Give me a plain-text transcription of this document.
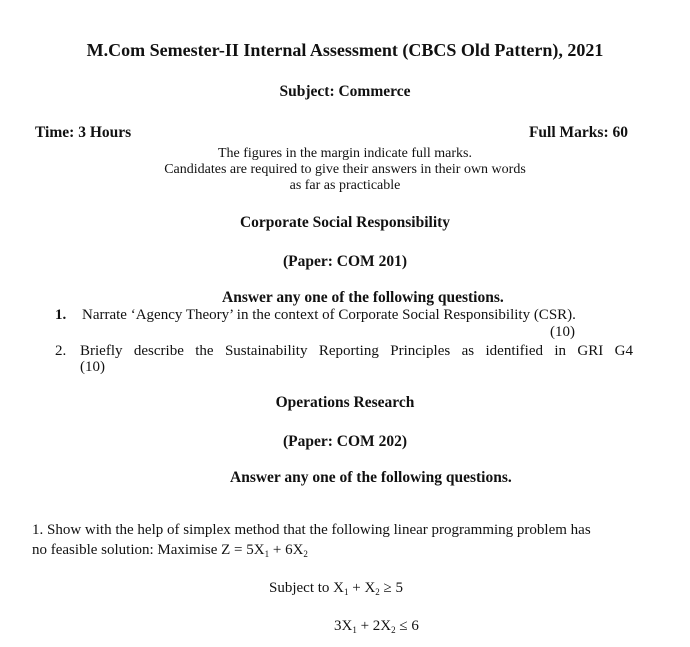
M.Com Semester-II Internal Assessment (CBCS Old Pattern), 2021
Subject: Commerce
Time: 3 Hours	Full Marks: 60
The figures in the margin indicate full marks.
Candidates are required to give their answers in their own words
as far as practicable
Corporate Social Responsibility
(Paper: COM 201)
Answer any one of the following questions.
1. Narrate ‘Agency Theory’ in the context of Corporate Social Responsibility (CSR).
(10)
2. Briefly describe the Sustainability Reporting Principles as identified in GRI G4
(10)
Operations Research
(Paper: COM 202)
Answer any one of the following questions.
1. Show with the help of simplex method that the following linear programming problem has
no feasible solution: Maximise $Z = 5X_1 + 6X_2$
Subject to $X_1 + X_2 \ge 5$
$3X_1 + 2X_2 \le 6$
